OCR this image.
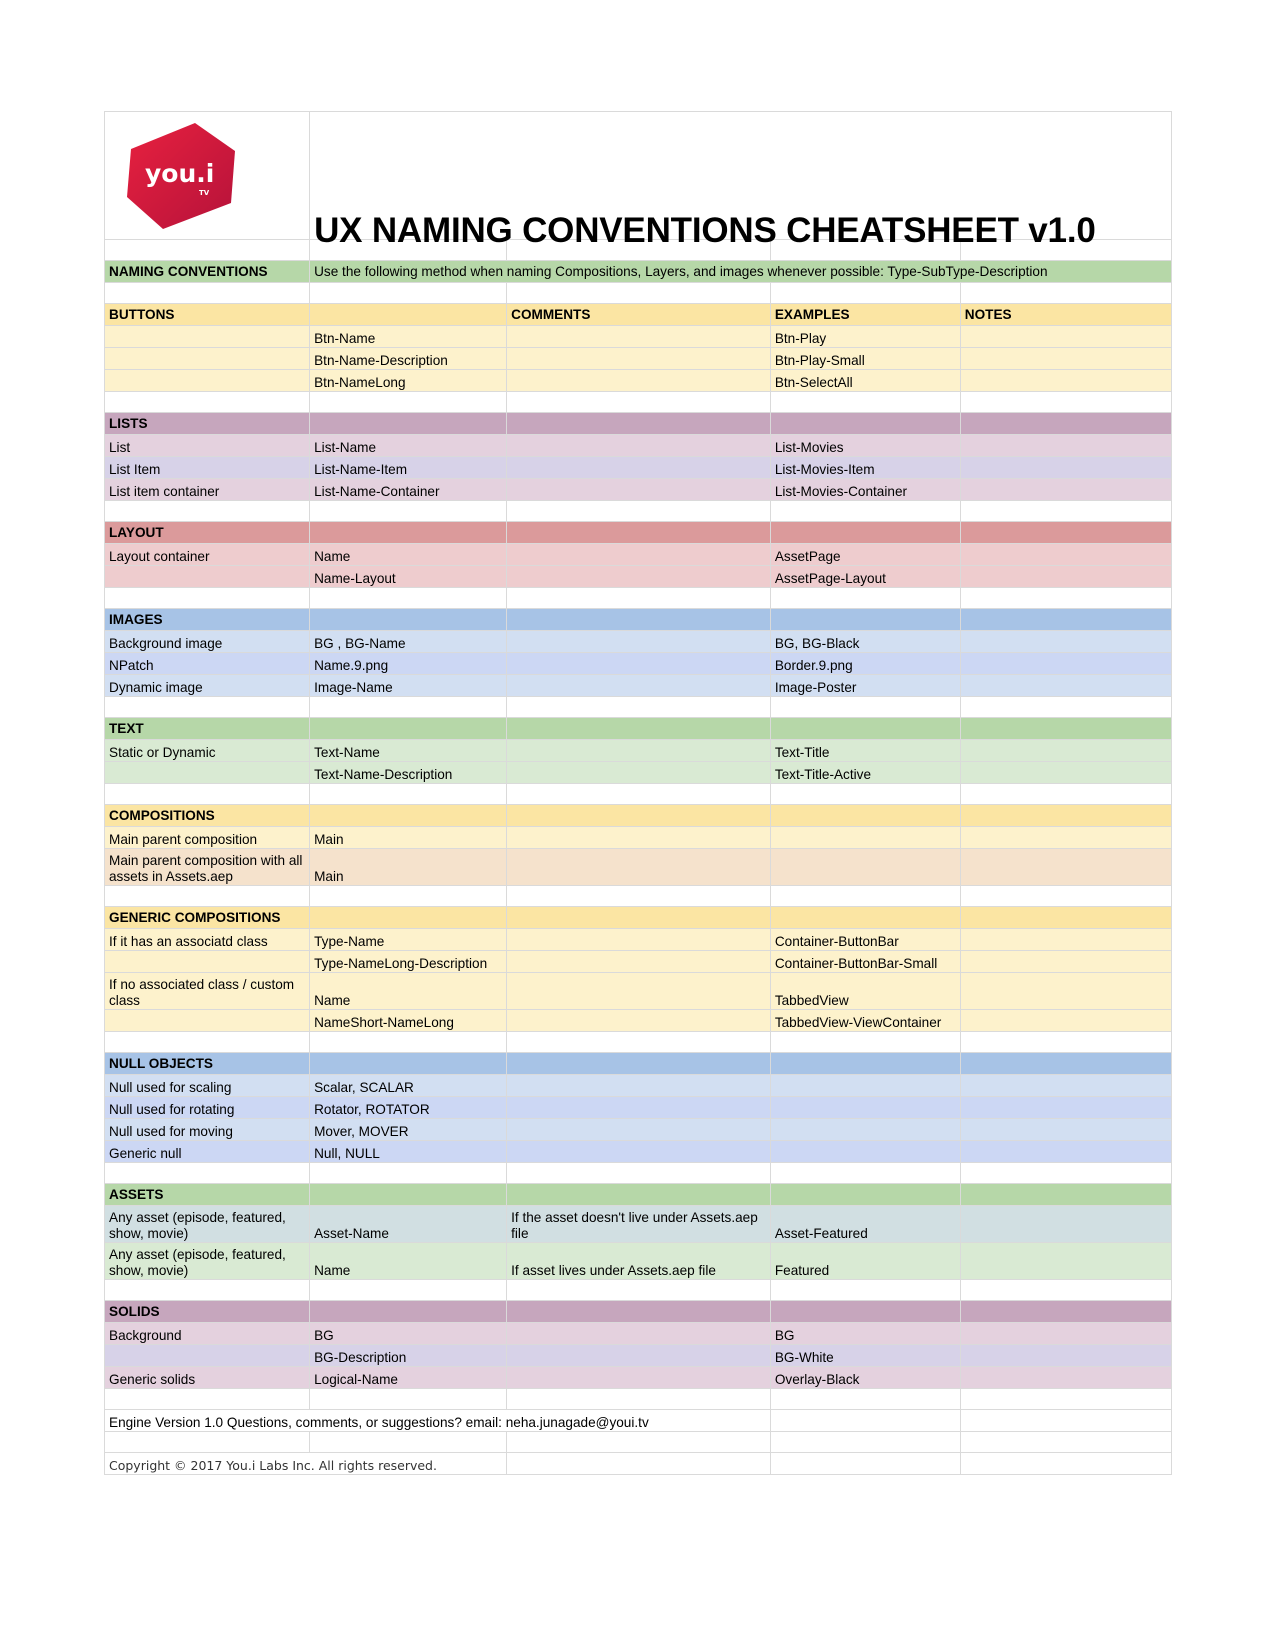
you.i
TV	UX NAMING CONVENTIONS CHEATSHEET v1.0			

NAMING CONVENTIONS	Use the following method when naming Compositions, Layers, and images whenever possible: Type-SubType-Description			

BUTTONS		COMMENTS	EXAMPLES	NOTES
	Btn-Name		Btn-Play	
	Btn-Name-Description		Btn-Play-Small	
	Btn-NameLong		Btn-SelectAll	

LISTS				
List	List-Name		List-Movies	
List Item	List-Name-Item		List-Movies-Item	
List item container	List-Name-Container		List-Movies-Container	

LAYOUT				
Layout container	Name		AssetPage	
	Name-Layout		AssetPage-Layout	

IMAGES				
Background image	BG , BG-Name		BG, BG-Black	
NPatch	Name.9.png		Border.9.png	
Dynamic image	Image-Name		Image-Poster	

TEXT				
Static or Dynamic	Text-Name		Text-Title	
	Text-Name-Description		Text-Title-Active	

COMPOSITIONS				
Main parent composition	Main			
Main parent composition with all assets in Assets.aep	Main			

GENERIC COMPOSITIONS				
If it has an associatd class	Type-Name		Container-ButtonBar	
	Type-NameLong-Description		Container-ButtonBar-Small	
If no associated class / custom class	Name		TabbedView	
	NameShort-NameLong		TabbedView-ViewContainer	

NULL OBJECTS				
Null used for scaling	Scalar, SCALAR			
Null used for rotating	Rotator, ROTATOR			
Null used for moving	Mover, MOVER			
Generic null	Null, NULL			

ASSETS				
Any asset (episode, featured, show, movie)	Asset-Name	If the asset doesn't live under Assets.aep file	Asset-Featured	
Any asset (episode, featured, show, movie)	Name	If asset lives under Assets.aep file	Featured	

SOLIDS				
Background	BG		BG	
	BG-Description		BG-White	
Generic solids	Logical-Name		Overlay-Black	

Engine Version 1.0 Questions, comments, or suggestions? email: neha.junagade@youi.tv				

Copyright © 2017 You.i Labs Inc. All rights reserved.				
